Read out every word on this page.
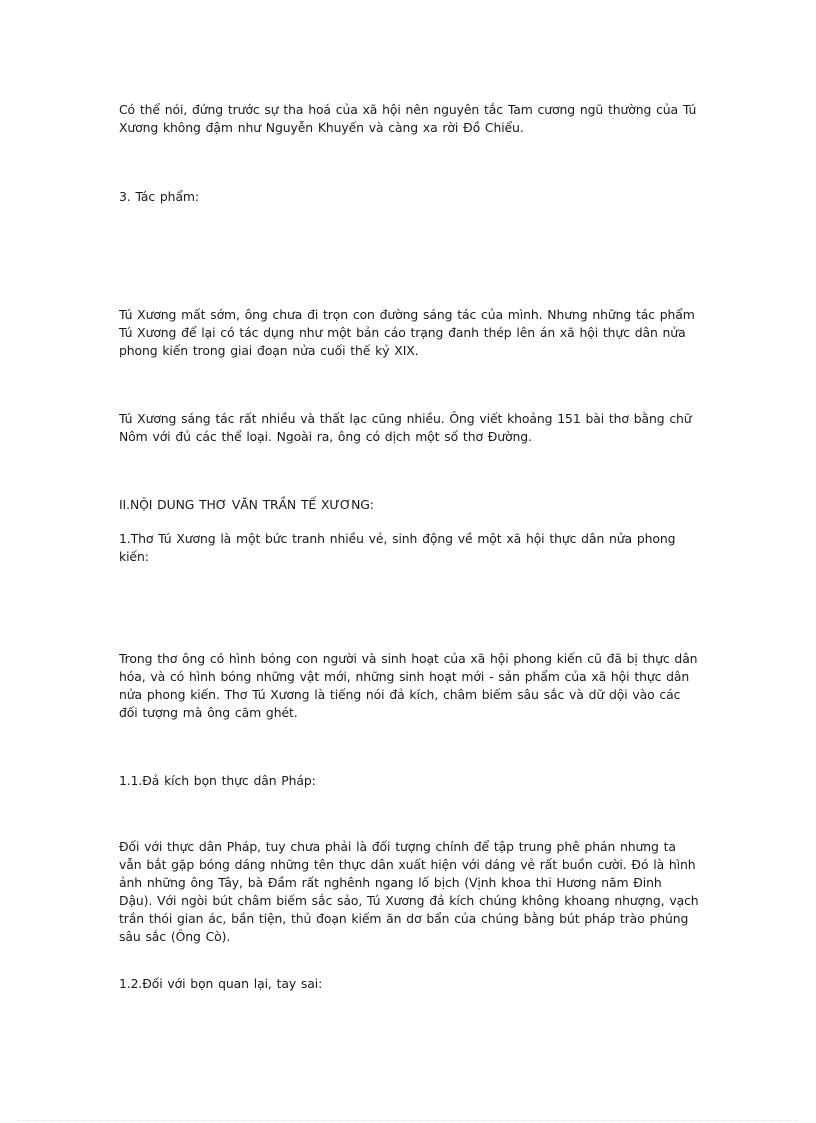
Có thể nói, đứng trước sự tha hoá của xã hội nên nguyên tắc Tam cương ngũ thường của Tú Xương không đậm như Nguyễn Khuyến và càng xa rời Đồ Chiểu.

3. Tác phẩm:

Tú Xương mất sớm, ông chưa đi trọn con đường sáng tác của mình. Nhưng những tác phẩm Tú Xương để lại có tác dụng như một bản cáo trạng đanh thép lên án xã hội thực dân nửa phong kiến trong giai đoạn nửa cuối thế kỷ XIX.

Tú Xương sáng tác rất nhiều và thất lạc cũng nhiều. Ông viết khoảng 151 bài thơ bằng chữ Nôm với đủ các thể loại. Ngoài ra, ông có dịch một số thơ Đường.

II.NỘI DUNG THƠ VĂN TRẦN TẾ XƯƠNG:

1.Thơ Tú Xương là một bức tranh nhiều vẻ, sinh động về một xã hội thực dân nửa phong kiến:

Trong thơ ông có hình bóng con người và sinh hoạt của xã hội phong kiến cũ đã bị thực dân hóa, và có hình bóng những vật mới, những sinh hoạt mới - sản phẩm của xã hội thực dân nửa phong kiến. Thơ Tú Xương là tiếng nói đả kích, châm biếm sâu sắc và dữ dội vào các đối tượng mà ông căm ghét.

1.1.Đả kích bọn thực dân Pháp:

Đối với thực dân Pháp, tuy chưa phải là đối tượng chính để tập trung phê phán nhưng ta vẫn bắt gặp bóng dáng những tên thực dân xuất hiện với dáng vẻ rất buồn cười. Đó là hình ảnh những ông Tây, bà Đầm rất nghênh ngang lố bịch (Vịnh khoa thi Hương năm Đinh Dậu). Với ngòi bút châm biếm sắc sảo, Tú Xương đả kích chúng không khoang nhượng, vạch trần thói gian ác, bần tiện, thủ đoạn kiếm ăn dơ bẩn của chúng bằng bút pháp trào phúng sâu sắc (Ông Cò).

1.2.Đối với bọn quan lại, tay sai:
